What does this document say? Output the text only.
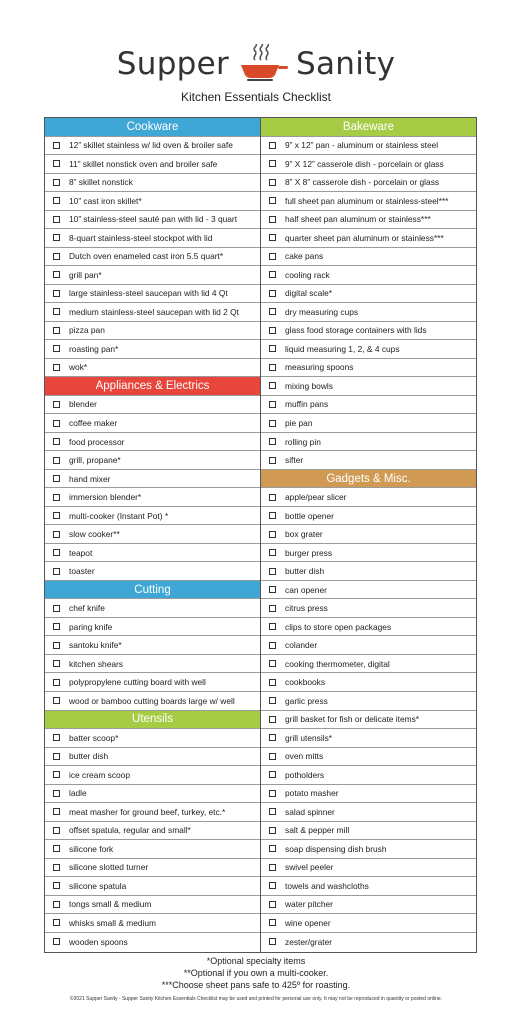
Supper Sanity
Kitchen Essentials Checklist
Cookware
12” skillet stainless w/ lid oven & broiler safe
11” skillet nonstick oven and broiler safe
8” skillet nonstick
10” cast iron skillet*
10” stainless-steel sauté pan with lid - 3 quart
8-quart stainless-steel stockpot with lid
Dutch oven enameled cast iron 5.5 quart*
grill pan*
large stainless-steel saucepan with lid 4 Qt
medium stainless-steel saucepan with lid 2 Qt
pizza pan
roasting pan*
wok*
Appliances & Electrics
blender
coffee maker
food processor
grill, propane*
hand mixer
immersion blender*
multi-cooker (Instant Pot) *
slow cooker**
teapot
toaster
Cutting
chef knife
paring knife
santoku knife*
kitchen shears
polypropylene cutting board with well
wood or bamboo cutting boards large w/ well
Utensils
batter scoop*
butter dish
ice cream scoop
ladle
meat masher for ground beef, turkey, etc.*
offset spatula, regular and small*
silicone fork
silicone slotted turner
silicone spatula
tongs small & medium
whisks small & medium
wooden spoons
Bakeware
9” x 12” pan - aluminum or stainless steel
9” X 12” casserole dish - porcelain or glass
8” X 8” casserole dish - porcelain or glass
full sheet pan aluminum or stainless-steel***
half sheet pan aluminum or stainless***
quarter sheet pan aluminum or stainless***
cake pans
cooling rack
digital scale*
dry measuring cups
glass food storage containers with lids
liquid measuring 1, 2, & 4 cups
measuring spoons
mixing bowls
muffin pans
pie pan
rolling pin
sifter
Gadgets & Misc.
apple/pear slicer
bottle opener
box grater
burger press
butter dish
can opener
citrus press
clips to store open packages
colander
cooking thermometer, digital
cookbooks
garlic press
grill basket for fish or delicate items*
grill utensils*
oven mitts
potholders
potato masher
salad spinner
salt & pepper mill
soap dispensing dish brush
swivel peeler
towels and washcloths
water pitcher
wine opener
zester/grater
*Optional specialty items
**Optional if you own a multi-cooker.
***Choose sheet pans safe to 425º for roasting.
©2021 Supper Sanity - Supper Sanity Kitchen Essentials Checklist may be used and printed for personal use only. It may not be reproduced in quantity or posted online.
